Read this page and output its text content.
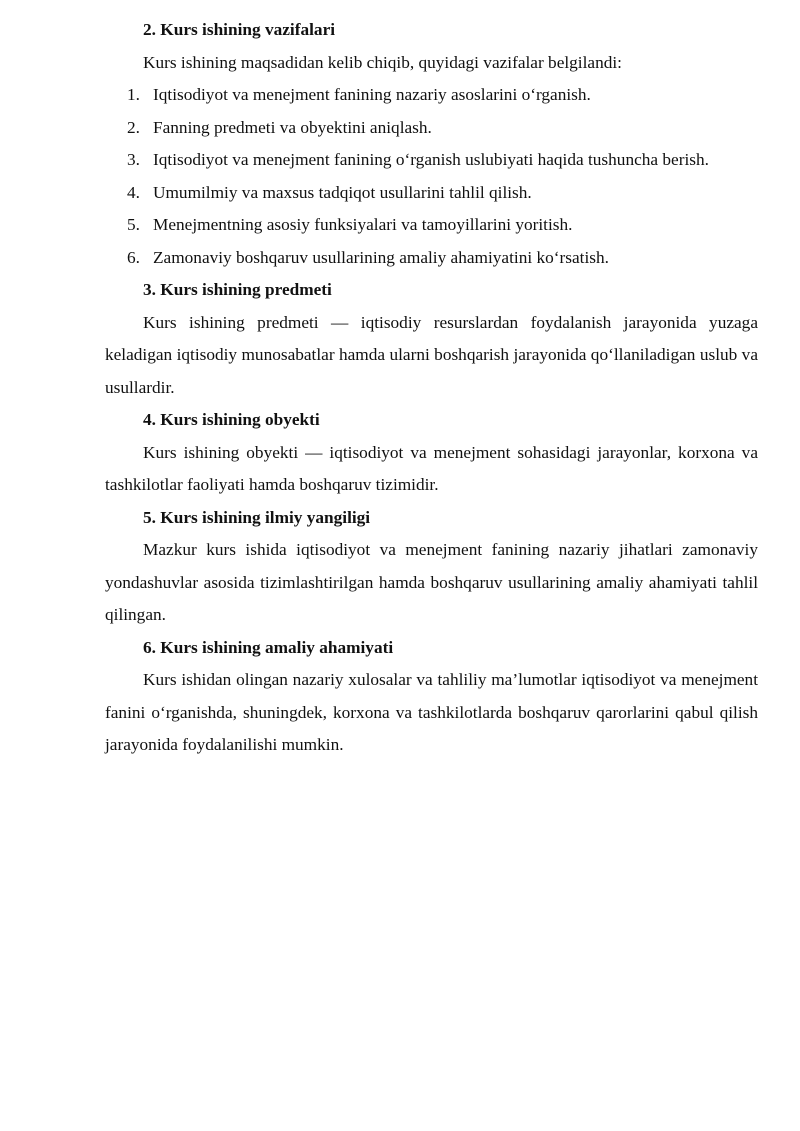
2. Kurs ishining vazifalari

Kurs ishining maqsadidan kelib chiqib, quyidagi vazifalar belgilandi:

1. Iqtisodiyot va menejment fanining nazariy asoslarini o‘rganish.
2. Fanning predmeti va obyektini aniqlash.
3. Iqtisodiyot va menejment fanining o‘rganish uslubiyati haqida tushuncha berish.
4. Umumilmiy va maxsus tadqiqot usullarini tahlil qilish.
5. Menejmentning asosiy funksiyalari va tamoyillarini yoritish.
6. Zamonaviy boshqaruv usullarining amaliy ahamiyatini ko‘rsatish.
3. Kurs ishining predmeti

Kurs ishining predmeti — iqtisodiy resurslardan foydalanish jarayonida yuzaga keladigan iqtisodiy munosabatlar hamda ularni boshqarish jarayonida qo‘llaniladigan uslub va usullardir.

4. Kurs ishining obyekti

Kurs ishining obyekti — iqtisodiyot va menejment sohasidagi jarayonlar, korxona va tashkilotlar faoliyati hamda boshqaruv tizimidir.

5. Kurs ishining ilmiy yangiligi

Mazkur kurs ishida iqtisodiyot va menejment fanining nazariy jihatlari zamonaviy yondashuvlar asosida tizimlashtirilgan hamda boshqaruv usullarining amaliy ahamiyati tahlil qilingan.

6. Kurs ishining amaliy ahamiyati

Kurs ishidan olingan nazariy xulosalar va tahliliy ma’lumotlar iqtisodiyot va menejment fanini o‘rganishda, shuningdek, korxona va tashkilotlarda boshqaruv qarorlarini qabul qilish jarayonida foydalanilishi mumkin.
